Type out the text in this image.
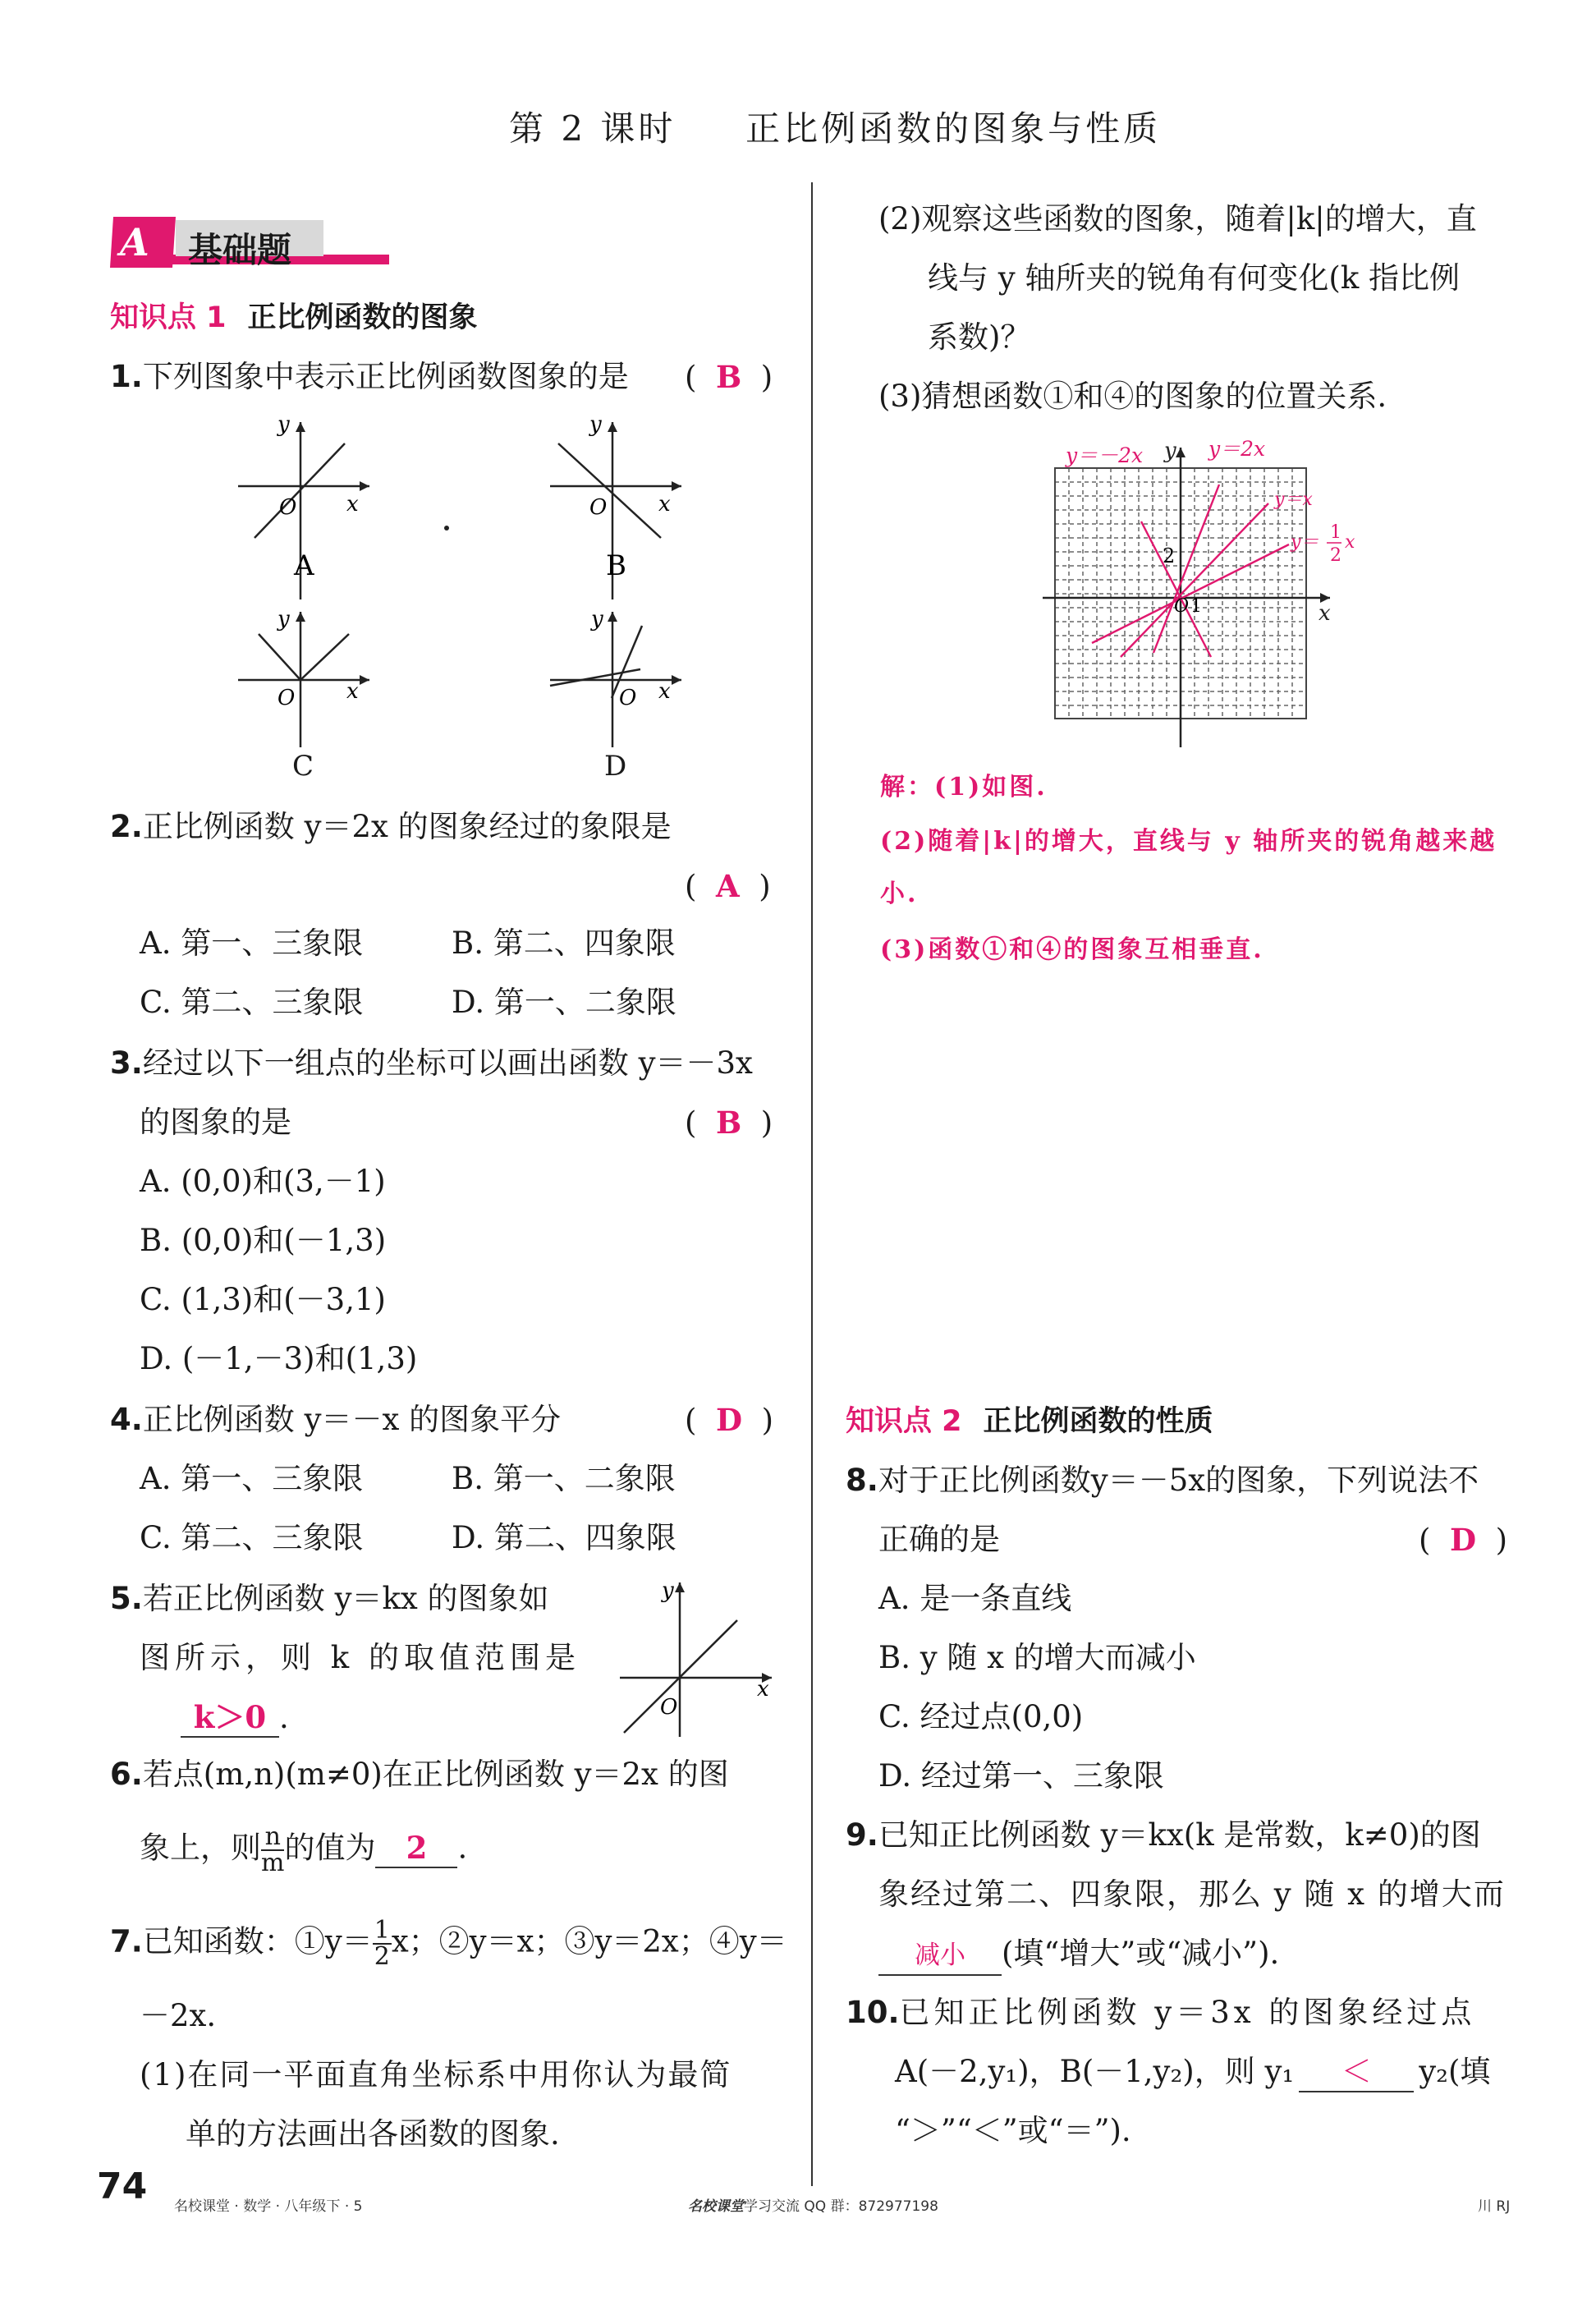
第 2 课时 正比例函数的图象与性质
A 基础题
知识点 1 正比例函数的图象
1.下列图象中表示正比例函数图象的是 (  B  )
y
x
O
A
y
x
O
B
y
x
O
y
x
O
C	D
2.正比例函数 y＝2x 的图象经过的象限是
(  A  )
A. 第一、三象限	B. 第二、四象限
C. 第二、三象限	D. 第一、二象限
3.经过以下一组点的坐标可以画出函数 y＝－3x
的图象的是	(  B  )
A. (0,0)和(3,－1)
B. (0,0)和(－1,3)
C. (1,3)和(－3,1)
D. (－1,－3)和(1,3)
4.正比例函数 y＝－x 的图象平分	(  D  )
A. 第一、三象限	B. 第一、二象限
C. 第二、三象限	D. 第二、四象限
5.若正比例函数 y＝kx 的图象如
图所示，则 k 的取值范围是
k＞0 .
y
x
O
6.若点(m,n)(m≠0)在正比例函数 y＝2x 的图
象上，则 $\frac{n}{m}$ 的值为 2 .
7.已知函数：①y＝ $\frac{1}{2}$ x；②y＝x；③y＝2x；④y＝
－2x.
(1)在同一平面直角坐标系中用你认为最简
单的方法画出各函数的图象.
(2)观察这些函数的图象，随着|k|的增大，直
线与 y 轴所夹的锐角有何变化(k 指比例
系数)？
(3)猜想函数①和④的图象的位置关系.
y＝－2x y y＝2x
y＝x
y＝ 1
2
x
2
O 1	x
解：(1)如图.
(2)随着|k|的增大，直线与 y 轴所夹的锐角越来越
小.
(3)函数①和④的图象互相垂直.
知识点 2 正比例函数的性质
8.对于正比例函数y＝－5x的图象，下列说法不
正确的是	(  D  )
A. 是一条直线
B. y 随 x 的增大而减小
C. 经过点(0,0)
D. 经过第一、三象限
9.已知正比例函数 y＝kx(k 是常数，k≠0)的图
象经过第二、四象限，那么 y 随 x 的增大而
减小 (填“增大”或“减小”).
10.已知正比例函数 y＝3x 的图象经过点
A(－2,y₁)，B(－1,y₂)，则 y₁ ＜ y₂(填
“＞”“＜”或“＝”).
74 名校课堂 · 数学 · 八年级下 · 5	名校课堂学习交流 QQ 群：872977198	川 RJ
